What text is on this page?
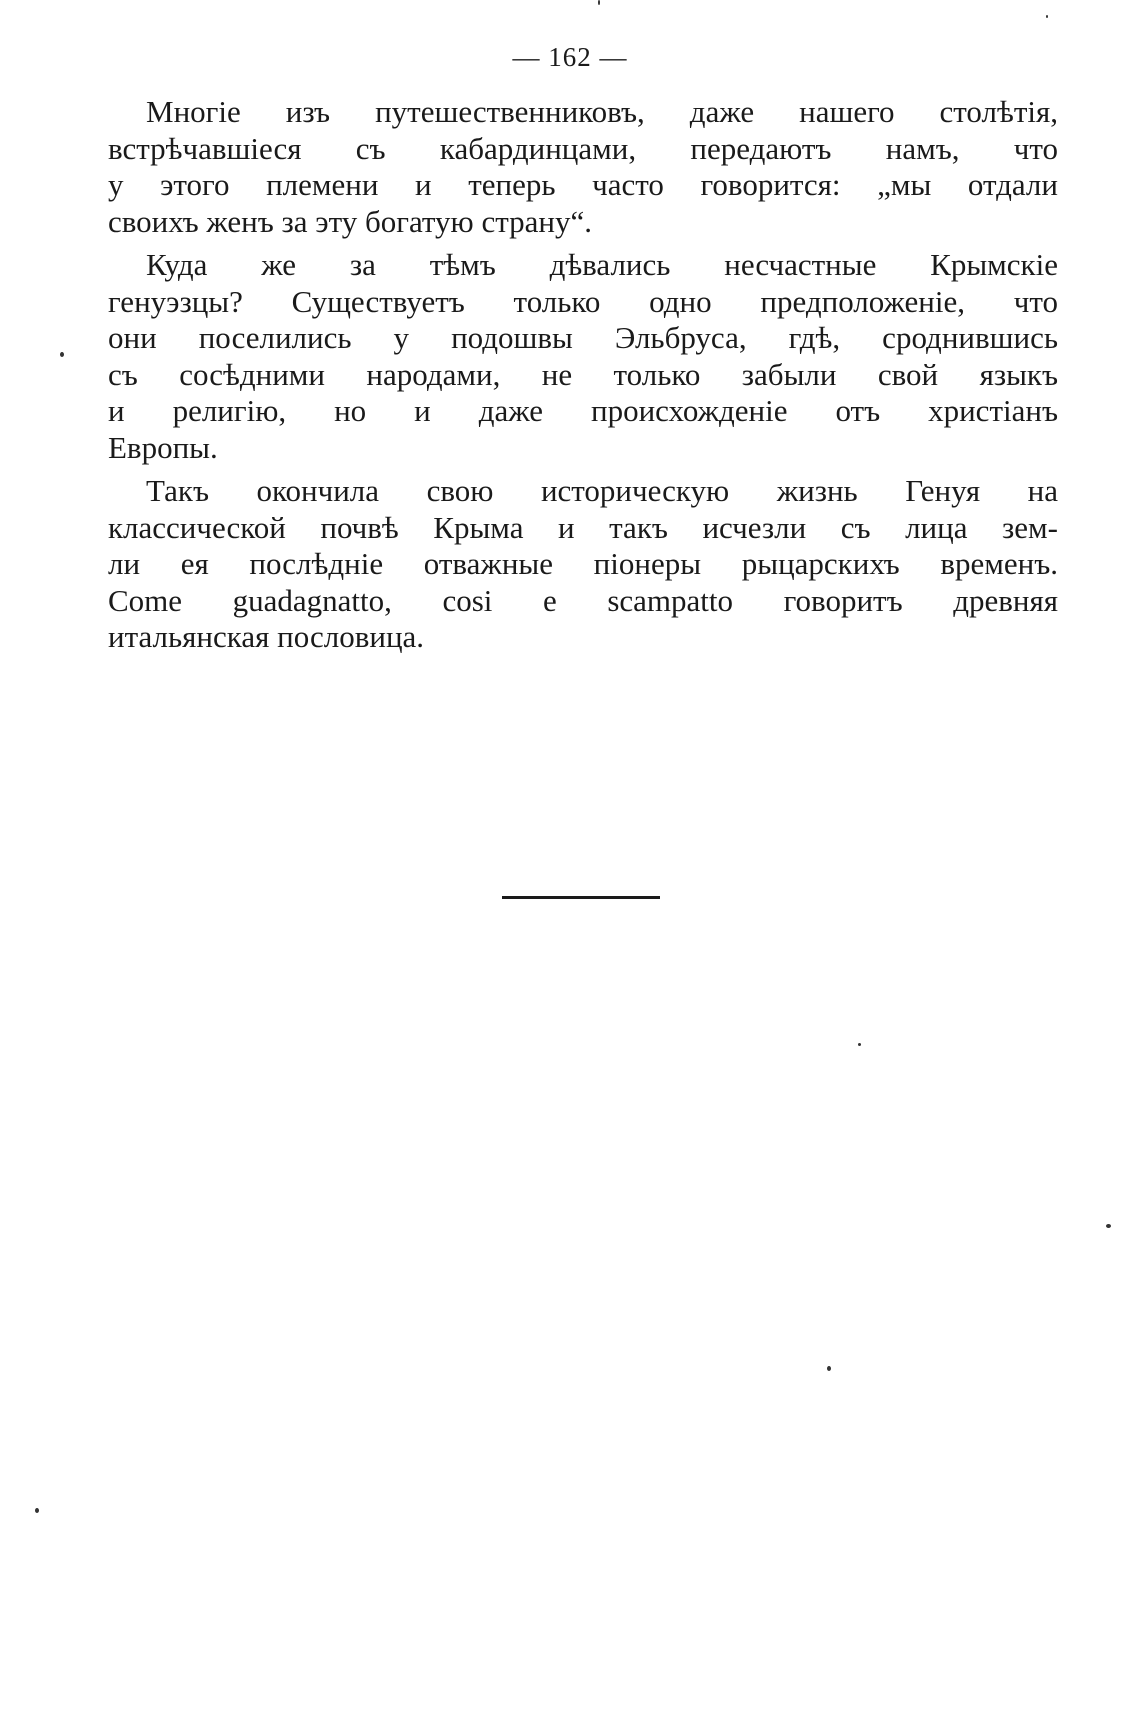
— 162 —
Многіе изъ путешественниковъ, даже нашего столѣтія,
встрѣчавшіеся съ кабардинцами, передаютъ намъ, что
у этого племени и теперь часто говорится: „мы отдали
своихъ женъ за эту богатую страну“.
Куда же за тѣмъ дѣвались несчастные Крымскіе
генуэзцы? Существуетъ только одно предположеніе, что
они поселились у подошвы Эльбруса, гдѣ, сроднившись
съ сосѣдними народами, не только забыли свой языкъ
и религію, но и даже происхожденіе отъ христіанъ
Европы.
Такъ окончила свою историческую жизнь Генуя на
классической почвѣ Крыма и такъ исчезли съ лица зем-
ли ея послѣдніе отважные піонеры рыцарскихъ временъ.
Come guadagnatto, cosi e scampatto говоритъ древняя
итальянская пословица.
